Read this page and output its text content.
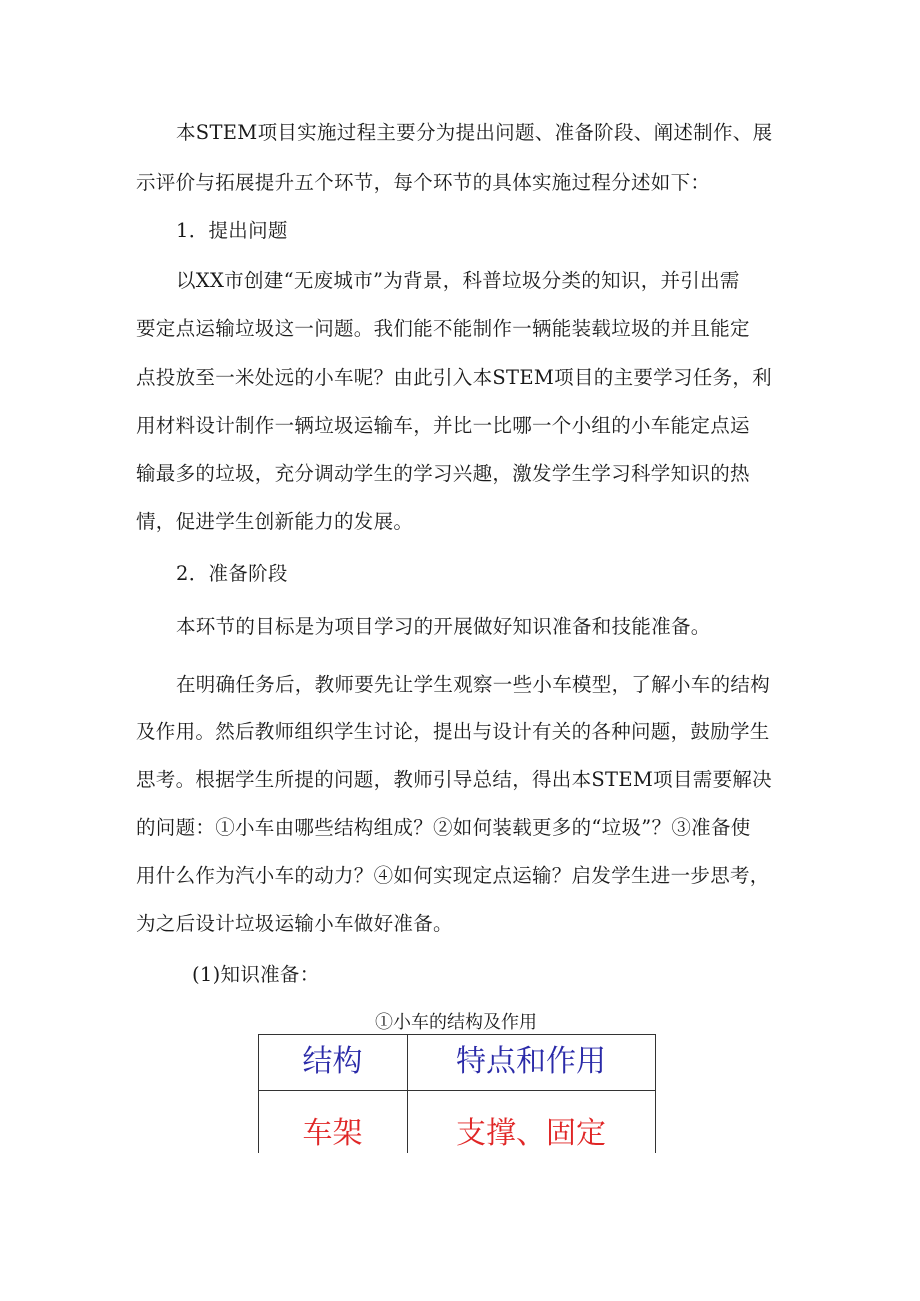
本STEM项目实施过程主要分为提出问题、准备阶段、阐述制作、展
示评价与拓展提升五个环节，每个环节的具体实施过程分述如下：
1．提出问题
以XX市创建“无废城市”为背景，科普垃圾分类的知识，并引出需
要定点运输垃圾这一问题。我们能不能制作一辆能装载垃圾的并且能定
点投放至一米处远的小车呢？由此引入本STEM项目的主要学习任务，利
用材料设计制作一辆垃圾运输车，并比一比哪一个小组的小车能定点运
输最多的垃圾，充分调动学生的学习兴趣，激发学生学习科学知识的热
情，促进学生创新能力的发展。
2．准备阶段
本环节的目标是为项目学习的开展做好知识准备和技能准备。
在明确任务后，教师要先让学生观察一些小车模型，了解小车的结构
及作用。然后教师组织学生讨论，提出与设计有关的各种问题，鼓励学生
思考。根据学生所提的问题，教师引导总结，得出本STEM项目需要解决
的问题：①小车由哪些结构组成？②如何装载更多的“垃圾”？③准备使
用什么作为汽小车的动力？④如何实现定点运输？启发学生进一步思考，
为之后设计垃圾运输小车做好准备。
(1)知识准备：
①小车的结构及作用
结构	特点和作用
车架	支撑、固定
